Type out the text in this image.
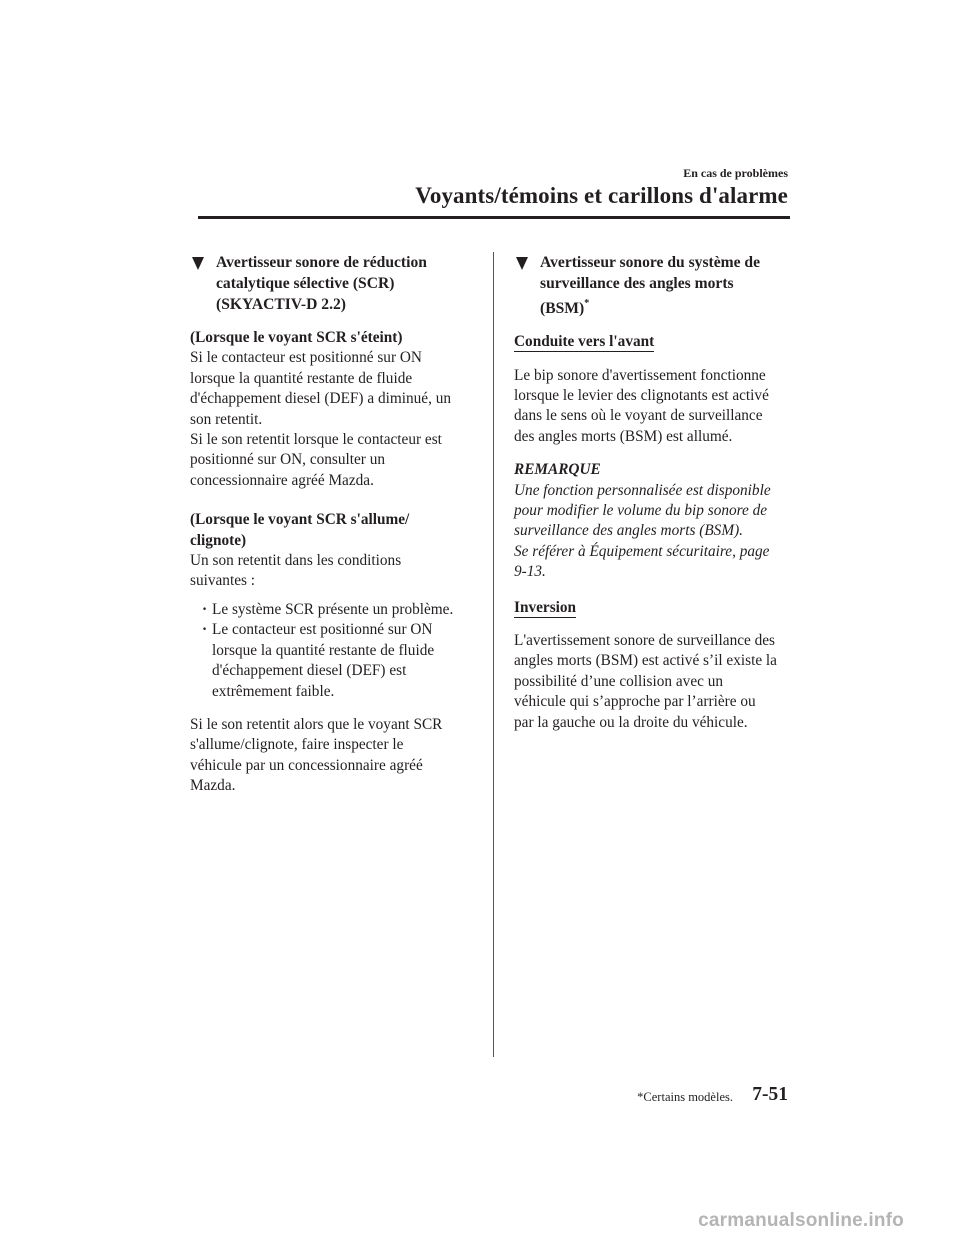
En cas de problèmes
Voyants/témoins et carillons d'alarme
Avertisseur sonore de réduction
catalytique sélective (SCR)
(SKYACTIV-D 2.2)
(Lorsque le voyant SCR s'éteint)
Si le contacteur est positionné sur ON
lorsque la quantité restante de fluide
d'échappement diesel (DEF) a diminué, un
son retentit.
Si le son retentit lorsque le contacteur est
positionné sur ON, consulter un
concessionnaire agréé Mazda.
(Lorsque le voyant SCR s'allume/
clignote)
Un son retentit dans les conditions
suivantes :
· Le système SCR présente un problème.
· Le contacteur est positionné sur ON
lorsque la quantité restante de fluide
d'échappement diesel (DEF) est
extrêmement faible.
Si le son retentit alors que le voyant SCR
s'allume/clignote, faire inspecter le
véhicule par un concessionnaire agréé
Mazda.
Avertisseur sonore du système de
surveillance des angles morts
(BSM)*
Conduite vers l'avant
Le bip sonore d'avertissement fonctionne
lorsque le levier des clignotants est activé
dans le sens où le voyant de surveillance
des angles morts (BSM) est allumé.
REMARQUE
Une fonction personnalisée est disponible
pour modifier le volume du bip sonore de
surveillance des angles morts (BSM).
Se référer à Équipement sécuritaire, page
9-13.
Inversion
L'avertissement sonore de surveillance des
angles morts (BSM) est activé s’il existe la
possibilité d’une collision avec un
véhicule qui s’approche par l’arrière ou
par la gauche ou la droite du véhicule.
*Certains modèles. 7-51
carmanualsonline.info
